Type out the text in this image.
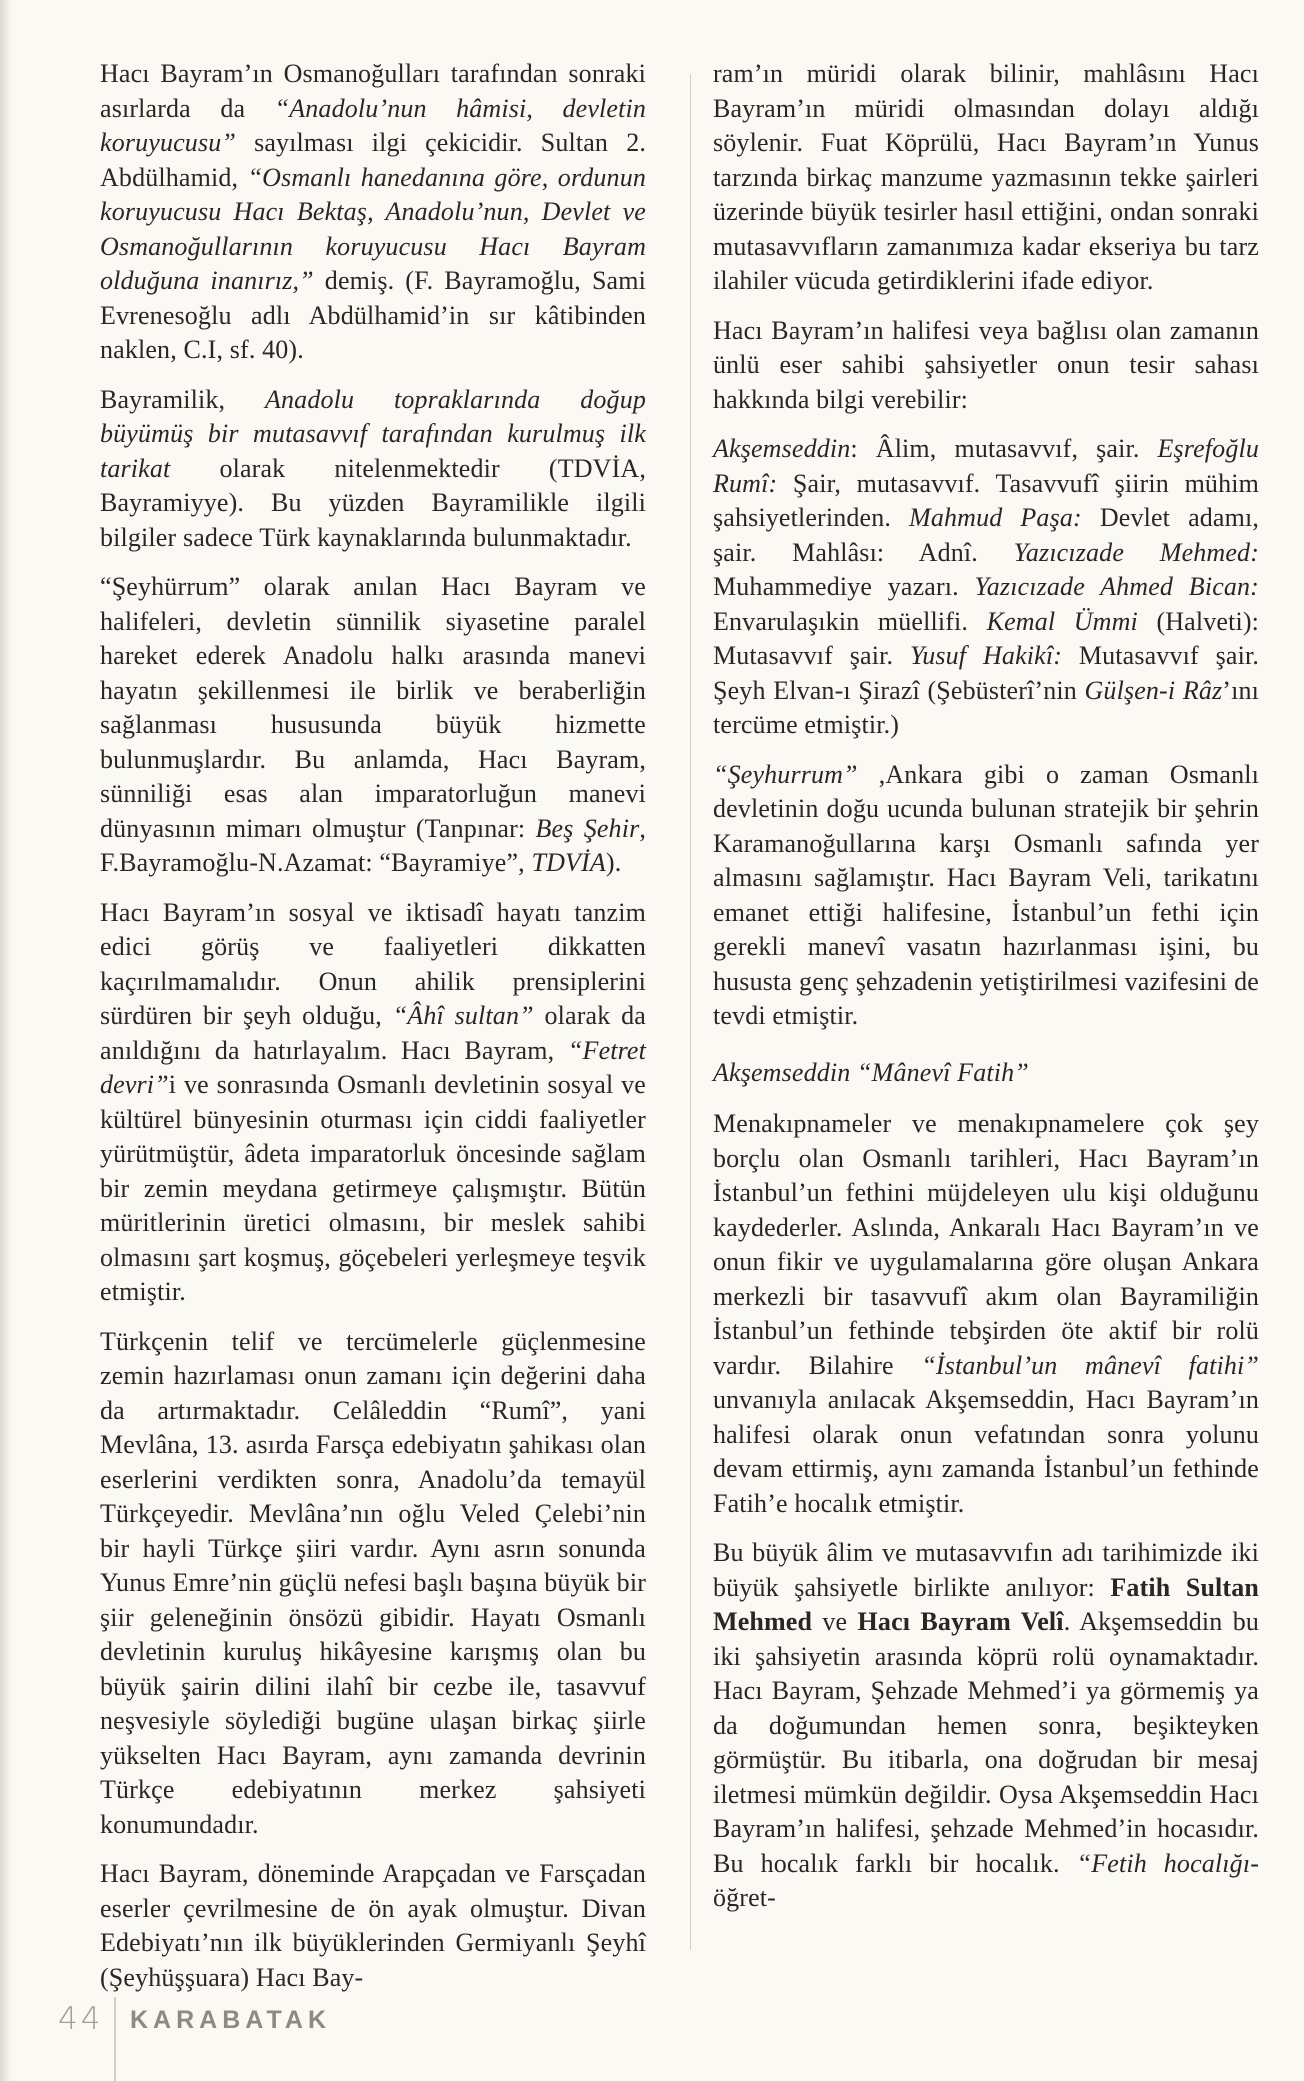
Hacı Bayram’ın Osmanoğulları tarafından sonraki asırlarda da “Anadolu’nun hâmisi, devletin koruyucusu” sayılması ilgi çekicidir. Sultan 2. Abdülhamid, “Osmanlı hanedanına göre, ordunun koruyucusu Hacı Bektaş, Anadolu’nun, Devlet ve Osmanoğullarının koruyucusu Hacı Bayram olduğuna inanırız,” demiş. (F. Bayramoğlu, Sami Evrenesoğlu adlı Abdülhamid’in sır kâtibinden naklen, C.I, sf. 40).

Bayramilik, Anadolu topraklarında doğup büyümüş bir mutasavvıf tarafından kurulmuş ilk tarikat olarak nitelenmektedir (TDVİA, Bayramiyye). Bu yüzden Bayramilikle ilgili bilgiler sadece Türk kaynaklarında bulunmaktadır.

“Şeyhürrum” olarak anılan Hacı Bayram ve halifeleri, devletin sünnilik siyasetine paralel hareket ederek Anadolu halkı arasında manevi hayatın şekillenmesi ile birlik ve beraberliğin sağlanması hususunda büyük hizmette bulunmuşlardır. Bu anlamda, Hacı Bayram, sünniliği esas alan imparatorluğun manevi dünyasının mimarı olmuştur (Tanpınar: Beş Şehir, F.Bayramoğlu-N.Azamat: “Bayramiye”, TDVİA).

Hacı Bayram’ın sosyal ve iktisadî hayatı tanzim edici görüş ve faaliyetleri dikkatten kaçırılmamalıdır. Onun ahilik prensiplerini sürdüren bir şeyh olduğu, “Âhî sultan” olarak da anıldığını da hatırlayalım. Hacı Bayram, “Fetret devri”i ve sonrasında Osmanlı devletinin sosyal ve kültürel bünyesinin oturması için ciddi faaliyetler yürütmüştür, âdeta imparatorluk öncesinde sağlam bir zemin meydana getirmeye çalışmıştır. Bütün müritlerinin üretici olmasını, bir meslek sahibi olmasını şart koşmuş, göçebeleri yerleşmeye teşvik etmiştir.

Türkçenin telif ve tercümelerle güçlenmesine zemin hazırlaması onun zamanı için değerini daha da artırmaktadır. Celâleddin “Rumî”, yani Mevlâna, 13. asırda Farsça edebiyatın şahikası olan eserlerini verdikten sonra, Anadolu’da temayül Türkçeyedir. Mevlâna’nın oğlu Veled Çelebi’nin bir hayli Türkçe şiiri vardır. Aynı asrın sonunda Yunus Emre’nin güçlü nefesi başlı başına büyük bir şiir geleneğinin önsözü gibidir. Hayatı Osmanlı devletinin kuruluş hikâyesine karışmış olan bu büyük şairin dilini ilahî bir cezbe ile, tasavvuf neşvesiyle söylediği bugüne ulaşan birkaç şiirle yükselten Hacı Bayram, aynı zamanda devrinin Türkçe edebiyatının merkez şahsiyeti konumundadır.

Hacı Bayram, döneminde Arapçadan ve Farsçadan eserler çevrilmesine de ön ayak olmuştur. Divan Edebiyatı’nın ilk büyüklerinden Germiyanlı Şeyhî (Şeyhüşşuara) Hacı Bay-

ram’ın müridi olarak bilinir, mahlâsını Hacı Bayram’ın müridi olmasından dolayı aldığı söylenir. Fuat Köprülü, Hacı Bayram’ın Yunus tarzında birkaç manzume yazmasının tekke şairleri üzerinde büyük tesirler hasıl ettiğini, ondan sonraki mutasavvıfların zamanımıza kadar ekseriya bu tarz ilahiler vücuda getirdiklerini ifade ediyor.

Hacı Bayram’ın halifesi veya bağlısı olan zamanın ünlü eser sahibi şahsiyetler onun tesir sahası hakkında bilgi verebilir:

Akşemseddin: Âlim, mutasavvıf, şair. Eşrefoğlu Rumî: Şair, mutasavvıf. Tasavvufî şiirin mühim şahsiyetlerinden. Mahmud Paşa: Devlet adamı, şair. Mahlâsı: Adnî. Yazıcızade Mehmed: Muhammediye yazarı. Yazıcızade Ahmed Bican: Envarulaşıkin müellifi. Kemal Ümmi (Halveti): Mutasavvıf şair. Yusuf Hakikî: Mutasavvıf şair. Şeyh Elvan-ı Şirazî (Şebüsterî’nin Gülşen-i Râz’ını tercüme etmiştir.)

“Şeyhurrum” ,Ankara gibi o zaman Osmanlı devletinin doğu ucunda bulunan stratejik bir şehrin Karamanoğullarına karşı Osmanlı safında yer almasını sağlamıştır. Hacı Bayram Veli, tarikatını emanet ettiği halifesine, İstanbul’un fethi için gerekli manevî vasatın hazırlanması işini, bu hususta genç şehzadenin yetiştirilmesi vazifesini de tevdi etmiştir.

Akşemseddin “Mânevî Fatih”

Menakıpnameler ve menakıpnamelere çok şey borçlu olan Osmanlı tarihleri, Hacı Bayram’ın İstanbul’un fethini müjdeleyen ulu kişi olduğunu kaydederler. Aslında, Ankaralı Hacı Bayram’ın ve onun fikir ve uygulamalarına göre oluşan Ankara merkezli bir tasavvufî akım olan Bayramiliğin İstanbul’un fethinde tebşirden öte aktif bir rolü vardır. Bilahire “İstanbul’un mânevî fatihi” unvanıyla anılacak Akşemseddin, Hacı Bayram’ın halifesi olarak onun vefatından sonra yolunu devam ettirmiş, aynı zamanda İstanbul’un fethinde Fatih’e hocalık etmiştir.

Bu büyük âlim ve mutasavvıfın adı tarihimizde iki büyük şahsiyetle birlikte anılıyor: Fatih Sultan Mehmed ve Hacı Bayram Velî. Akşemseddin bu iki şahsiyetin arasında köprü rolü oynamaktadır. Hacı Bayram, Şehzade Mehmed’i ya görmemiş ya da doğumundan hemen sonra, beşikteyken görmüştür. Bu itibarla, ona doğrudan bir mesaj iletmesi mümkün değildir. Oysa Akşemseddin Hacı Bayram’ın halifesi, şehzade Mehmed’in hocasıdır. Bu hocalık farklı bir hocalık. “Fetih hocalığı-öğret-

44 KARABATAK
